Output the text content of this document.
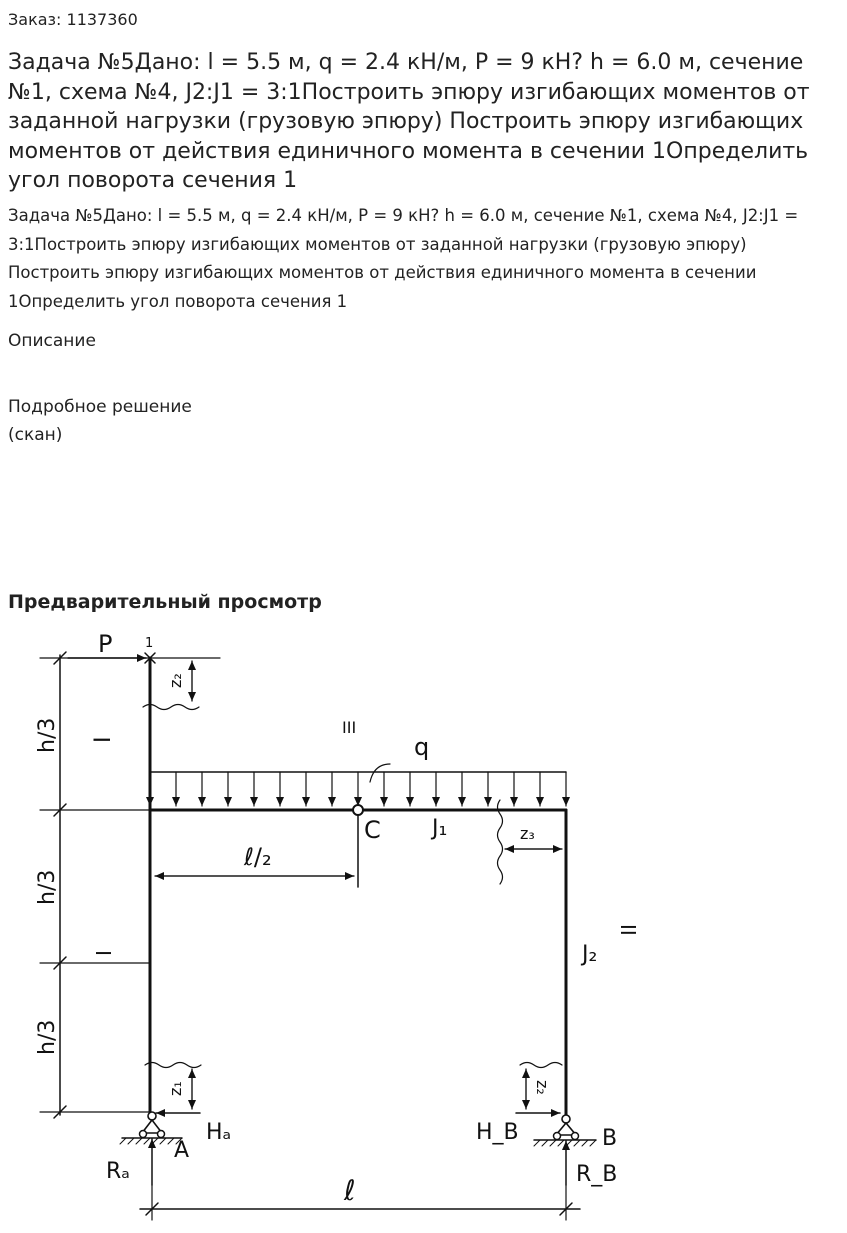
Заказ: 1137360
Задача №5Дано: l = 5.5 м, q = 2.4 кН/м, P = 9 кН? h = 6.0 м, сечение №1, схема №4, J2:J1 = 3:1Построить эпюру изгибающих моментов от заданной нагрузки (грузовую эпюру) Построить эпюру изгибающих моментов от действия единичного момента в сечении 1Определить угол поворота сечения 1
Задача №5Дано: l = 5.5 м, q = 2.4 кН/м, P = 9 кН? h = 6.0 м, сечение №1, схема №4, J2:J1 = 3:1Построить эпюру изгибающих моментов от заданной нагрузки (грузовую эпюру) Построить эпюру изгибающих моментов от действия единичного момента в сечении 1Определить угол поворота сечения 1
Описание
Подробное решение
(скан)
Предварительный просмотр
P	1
z₂
I
III
q
C J₁	z₃
ℓ/₂
J₂
II
I
h/3
h/3
h/3
z₁	z₂
Hₐ
A
Rₐ
H_B	B
R_B
ℓ
